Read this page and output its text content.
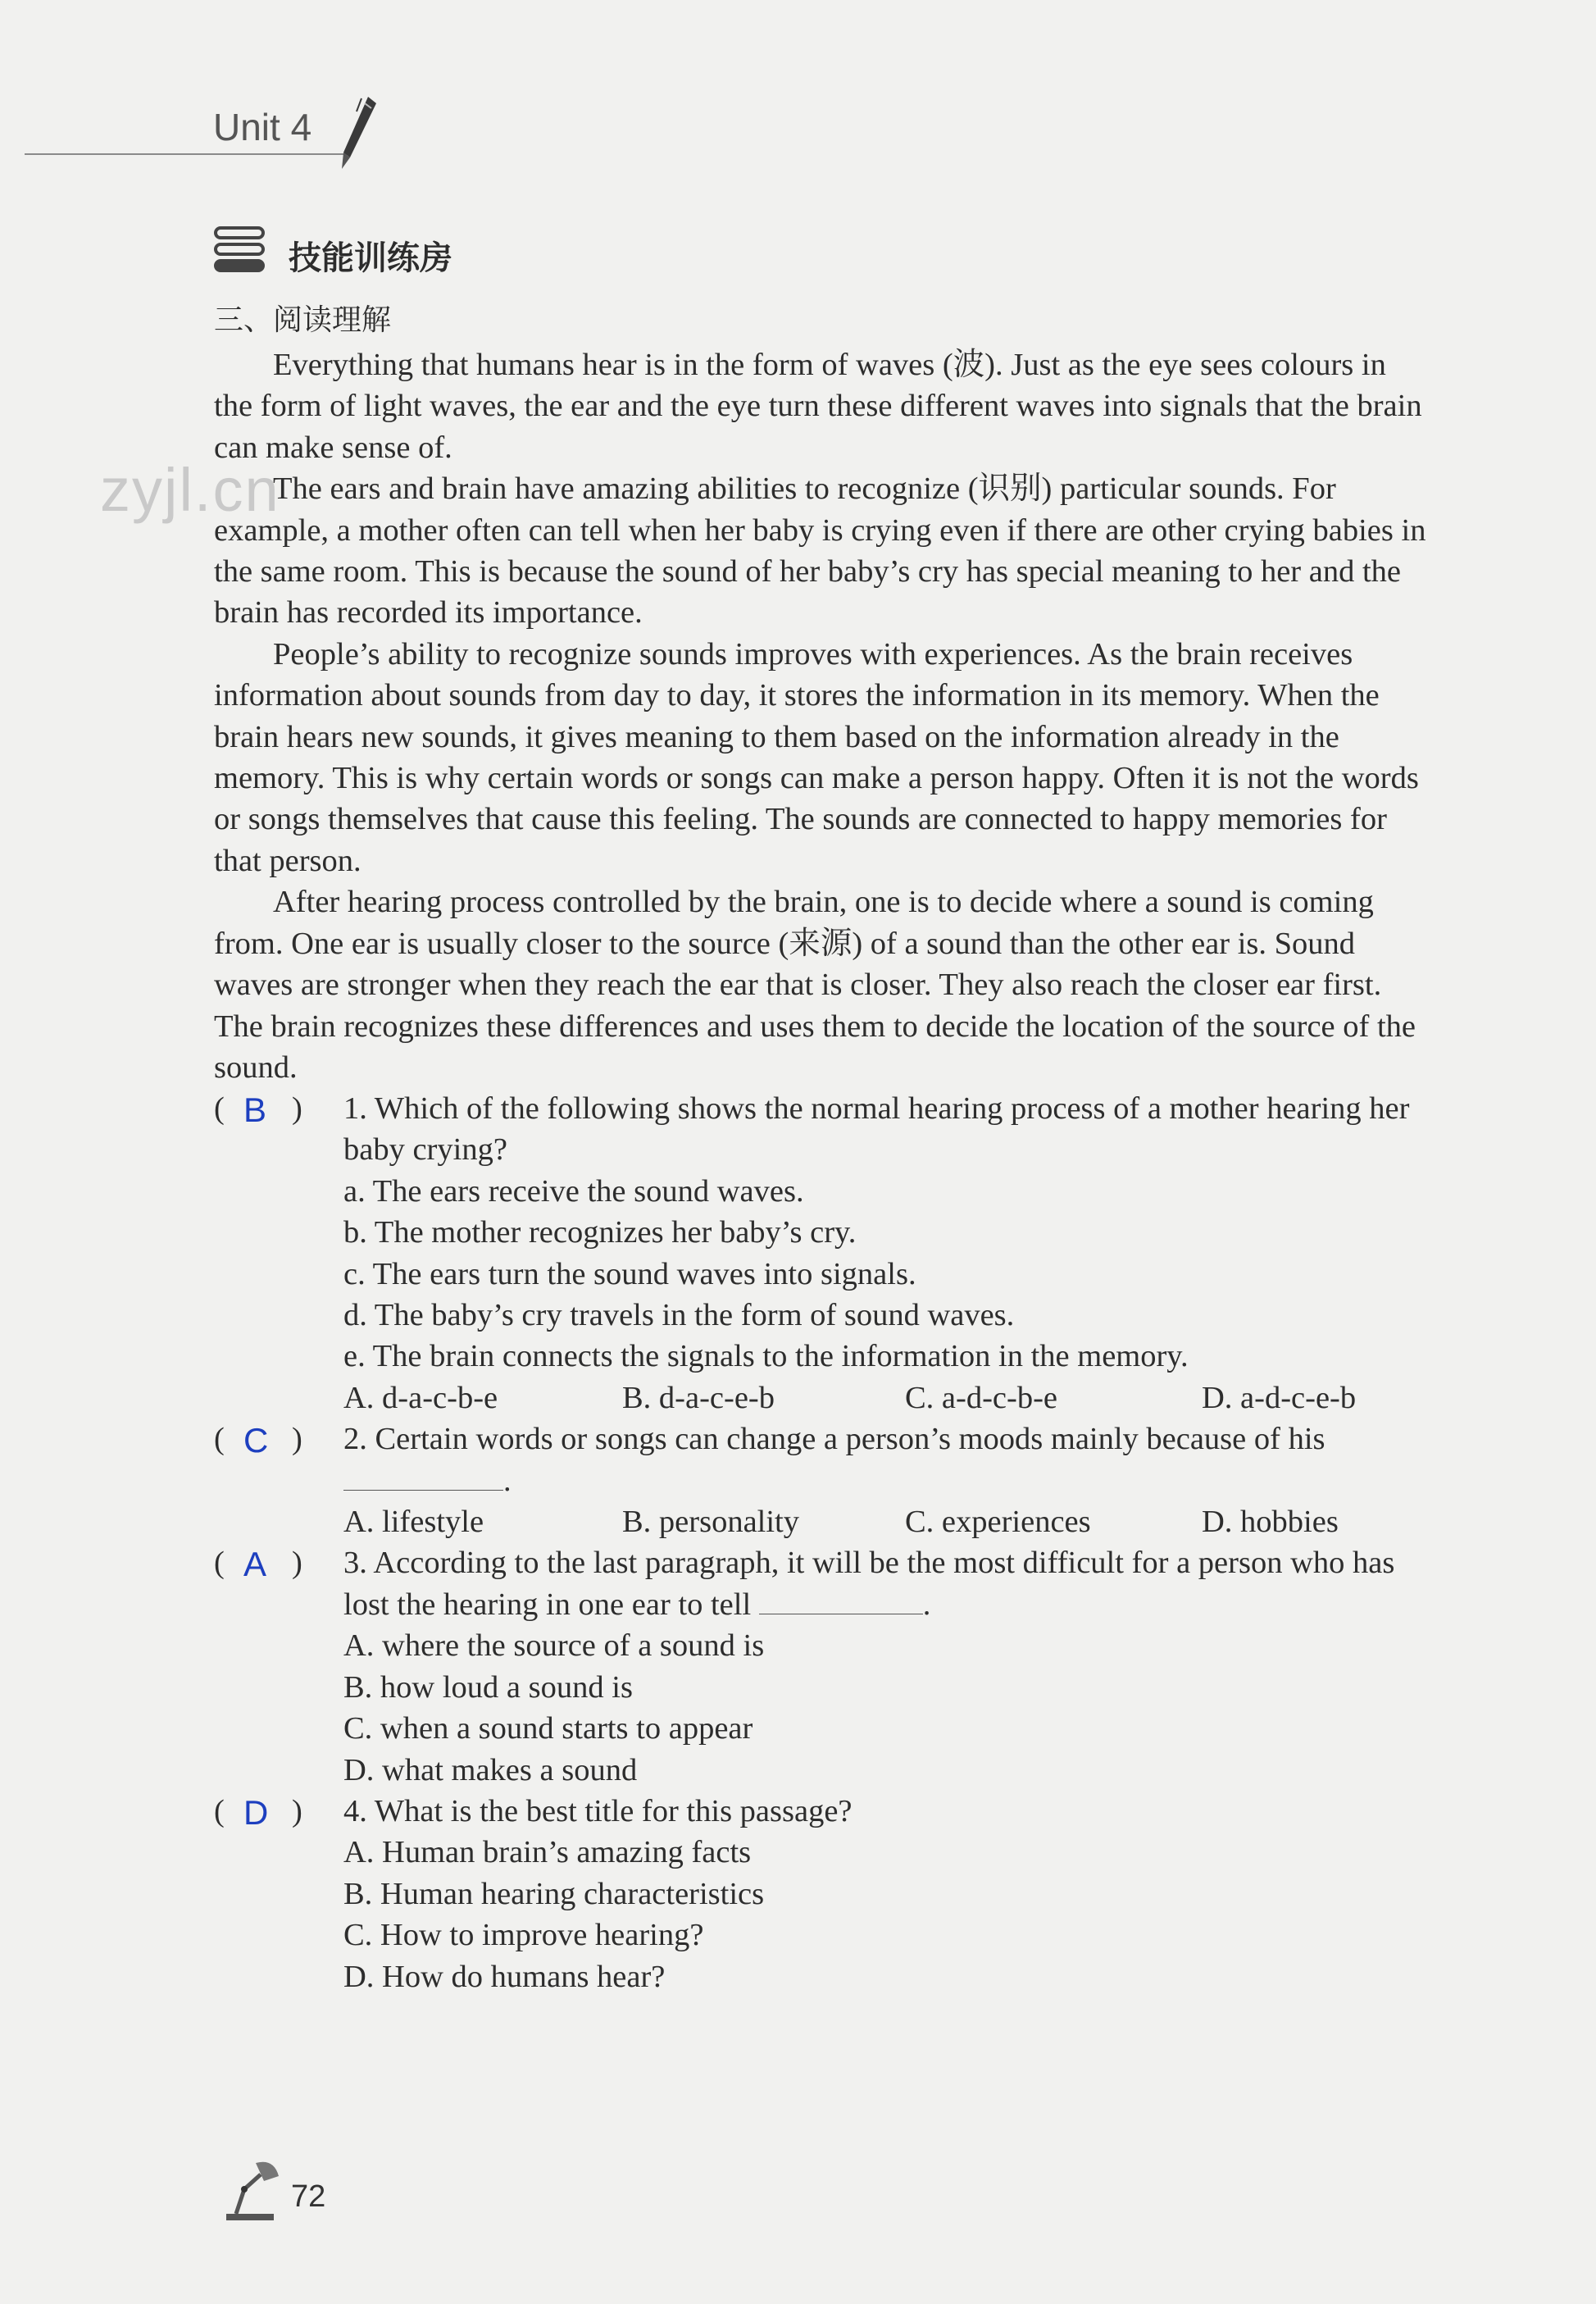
Unit 4
技能训练房
三、阅读理解
zyjl.cn

Everything that humans hear is in the form of waves (波). Just as the eye sees colours in the form of light waves, the ear and the eye turn these different waves into signals that the brain can make sense of.

The ears and brain have amazing abilities to recognize (识别) particular sounds. For example, a mother often can tell when her baby is crying even if there are other crying babies in the same room. This is because the sound of her baby’s cry has special meaning to her and the brain has recorded its importance.

People’s ability to recognize sounds improves with experiences. As the brain receives information about sounds from day to day, it stores the information in its memory. When the brain hears new sounds, it gives meaning to them based on the information already in the memory. This is why certain words or songs can make a person happy. Often it is not the words or songs themselves that cause this feeling. The sounds are connected to happy memories for that person.

After hearing process controlled by the brain, one is to decide where a sound is coming from. One ear is usually closer to the source (来源) of a sound than the other ear is. Sound waves are stronger when they reach the ear that is closer. They also reach the closer ear first. The brain recognizes these differences and uses them to decide the location of the source of the sound.

( B ) 1. Which of the following shows the normal hearing process of a mother hearing her baby crying?
a. The ears receive the sound waves.
b. The mother recognizes her baby’s cry.
c. The ears turn the sound waves into signals.
d. The baby’s cry travels in the form of sound waves.
e. The brain connects the signals to the information in the memory.
A. d-a-c-b-e	B. d-a-c-e-b	C. a-d-c-b-e	D. a-d-c-e-b
( C ) 2. Certain words or songs can change a person’s moods mainly because of his .
A. lifestyle	B. personality	C. experiences	D. hobbies
( A ) 3. According to the last paragraph, it will be the most difficult for a person who has lost the hearing in one ear to tell	.
A. where the source of a sound is
B. how loud a sound is
C. when a sound starts to appear
D. what makes a sound
( D ) 4. What is the best title for this passage?
A. Human brain’s amazing facts
B. Human hearing characteristics
C. How to improve hearing?
D. How do humans hear?
72
